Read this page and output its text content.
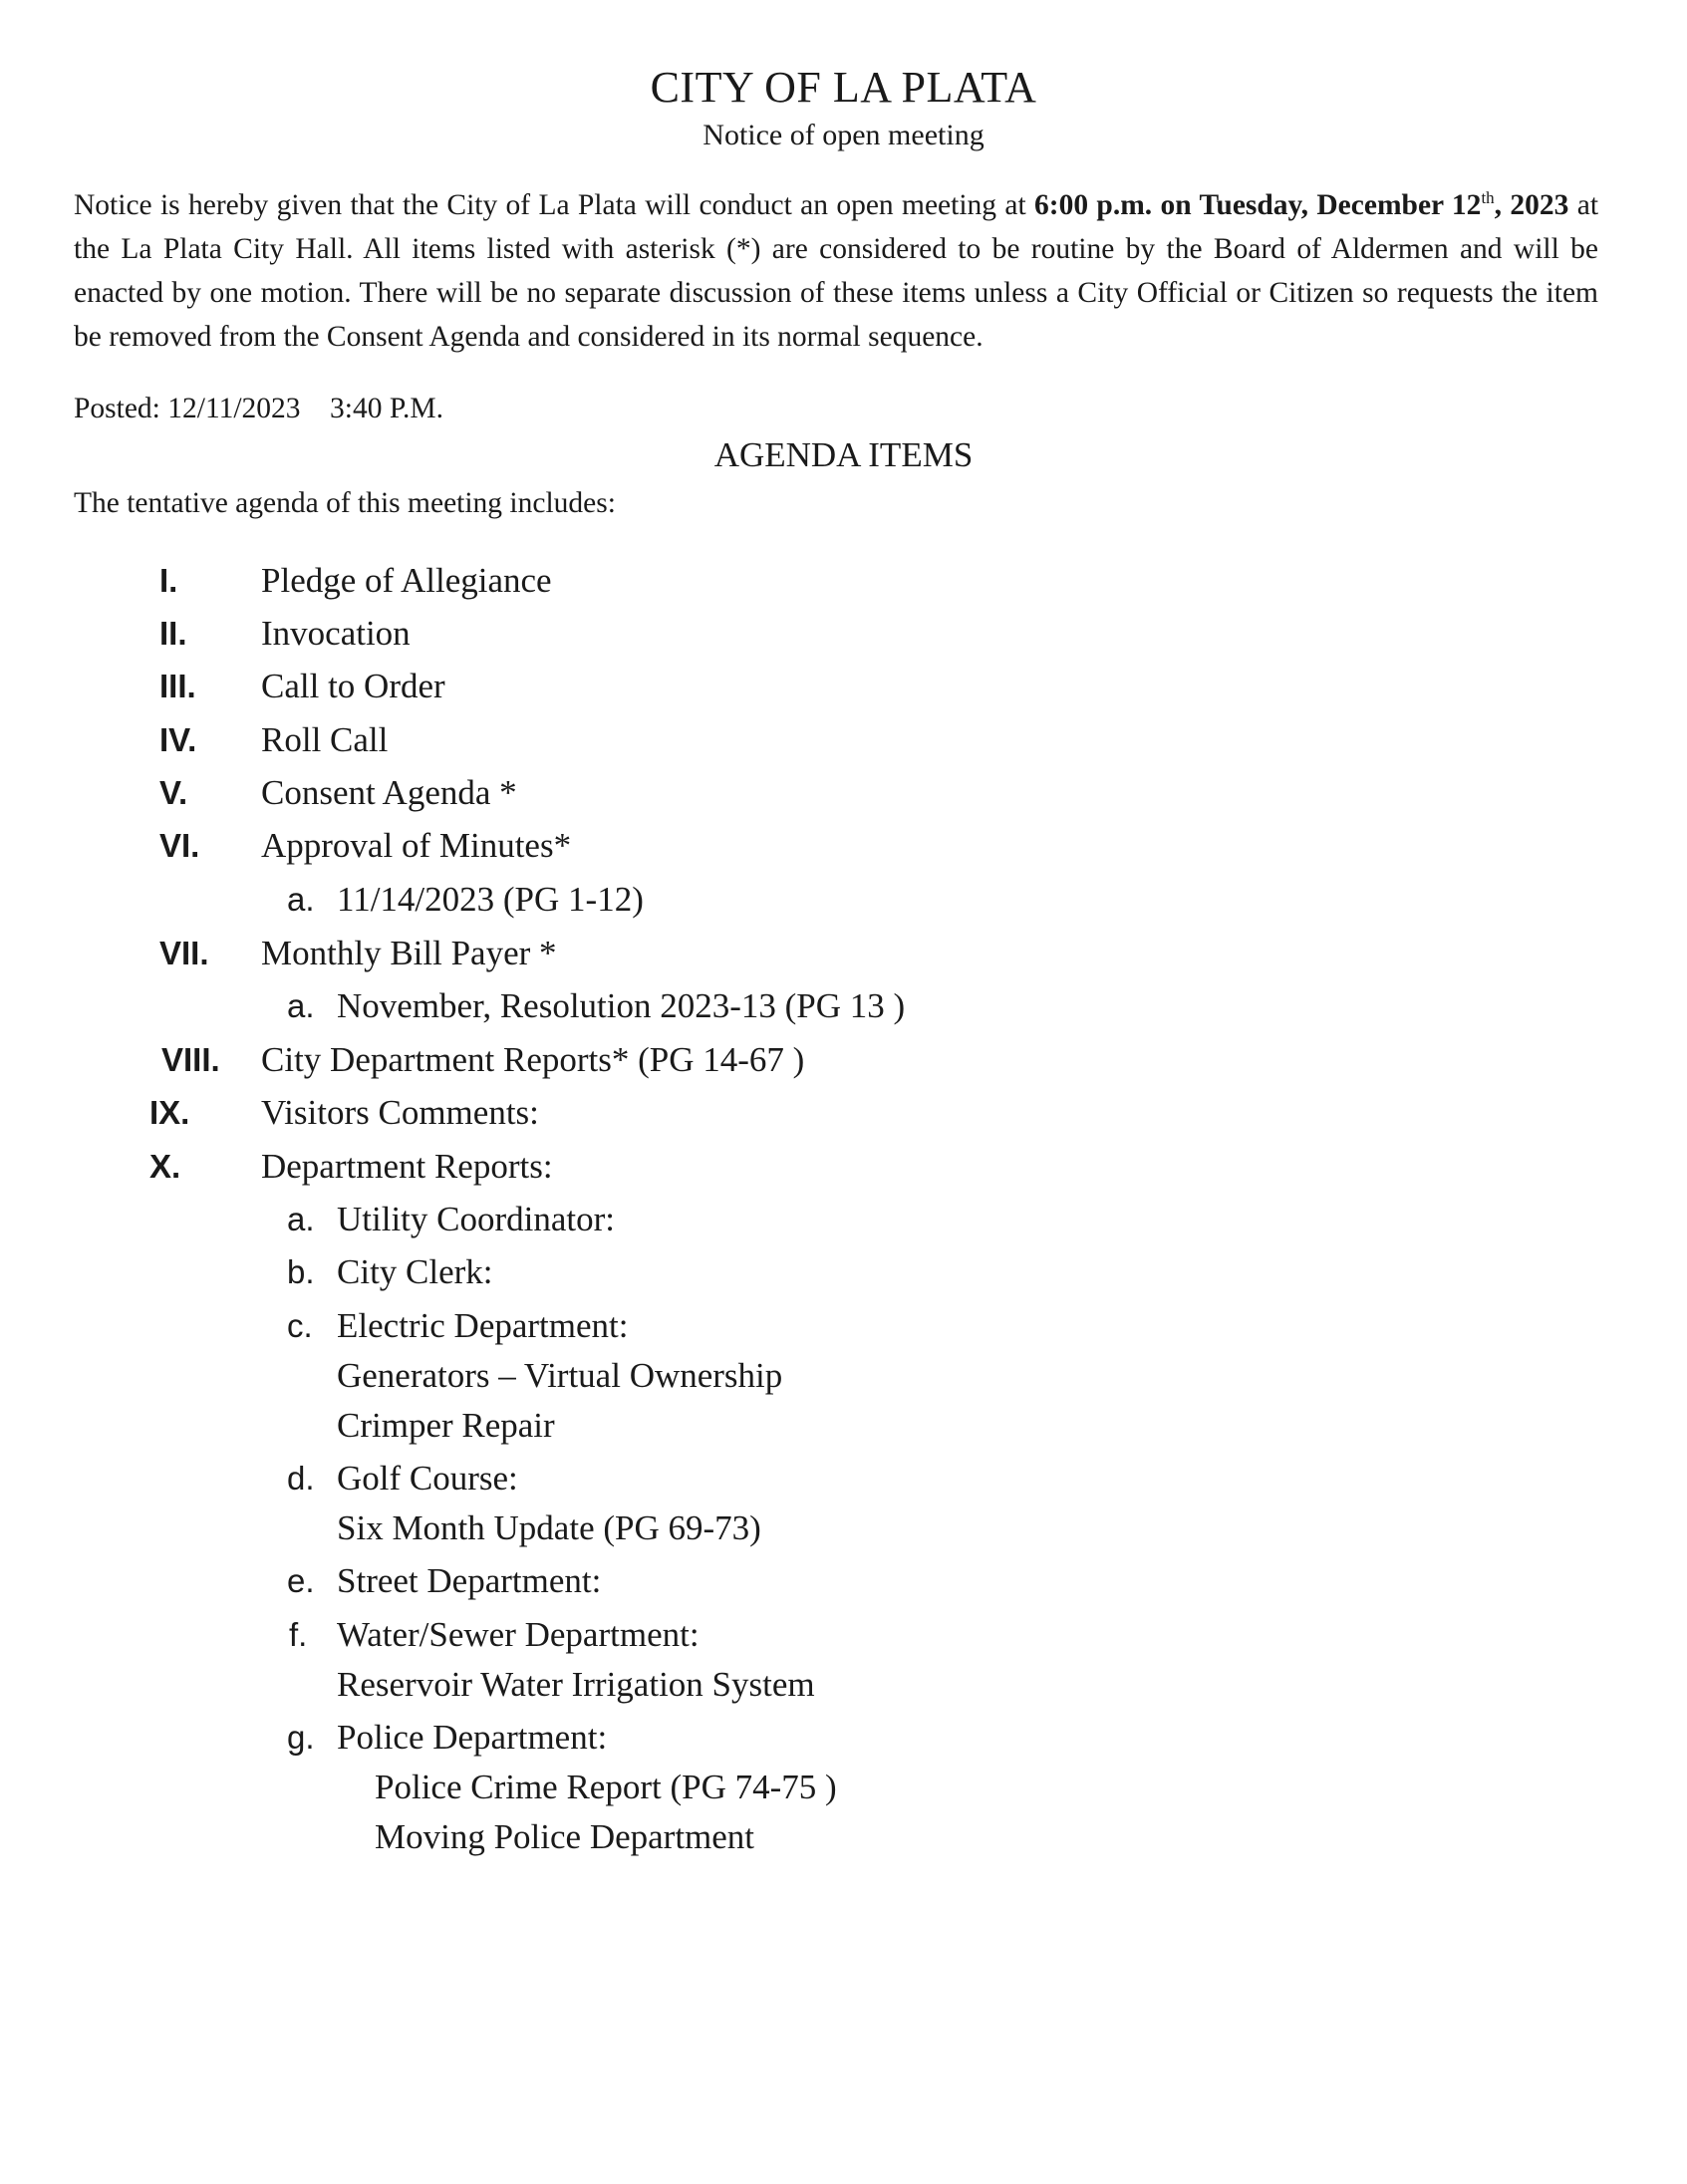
CITY OF LA PLATA
Notice of open meeting

Notice is hereby given that the City of La Plata will conduct an open meeting at 6:00 p.m. on Tuesday, December 12th, 2023 at the La Plata City Hall. All items listed with asterisk (*) are considered to be routine by the Board of Aldermen and will be enacted by one motion. There will be no separate discussion of these items unless a City Official or Citizen so requests the item be removed from the Consent Agenda and considered in its normal sequence.

Posted: 12/11/2023 3:40 P.M.
AGENDA ITEMS
The tentative agenda of this meeting includes:
I. Pledge of Allegiance
II. Invocation
III. Call to Order
IV. Roll Call
V. Consent Agenda *
VI. Approval of Minutes*
a. 11/14/2023 (PG 1-12)
VII. Monthly Bill Payer *
a. November, Resolution 2023-13 (PG 13 )
VIII. City Department Reports* (PG 14-67 )
IX. Visitors Comments:
X. Department Reports:
a. Utility Coordinator:
b. City Clerk:
c. Electric Department:
Generators – Virtual Ownership
Crimper Repair
d. Golf Course:
Six Month Update (PG 69-73)
e. Street Department:
f. Water/Sewer Department:
Reservoir Water Irrigation System
g. Police Department:
Police Crime Report (PG 74-75 )
Moving Police Department
